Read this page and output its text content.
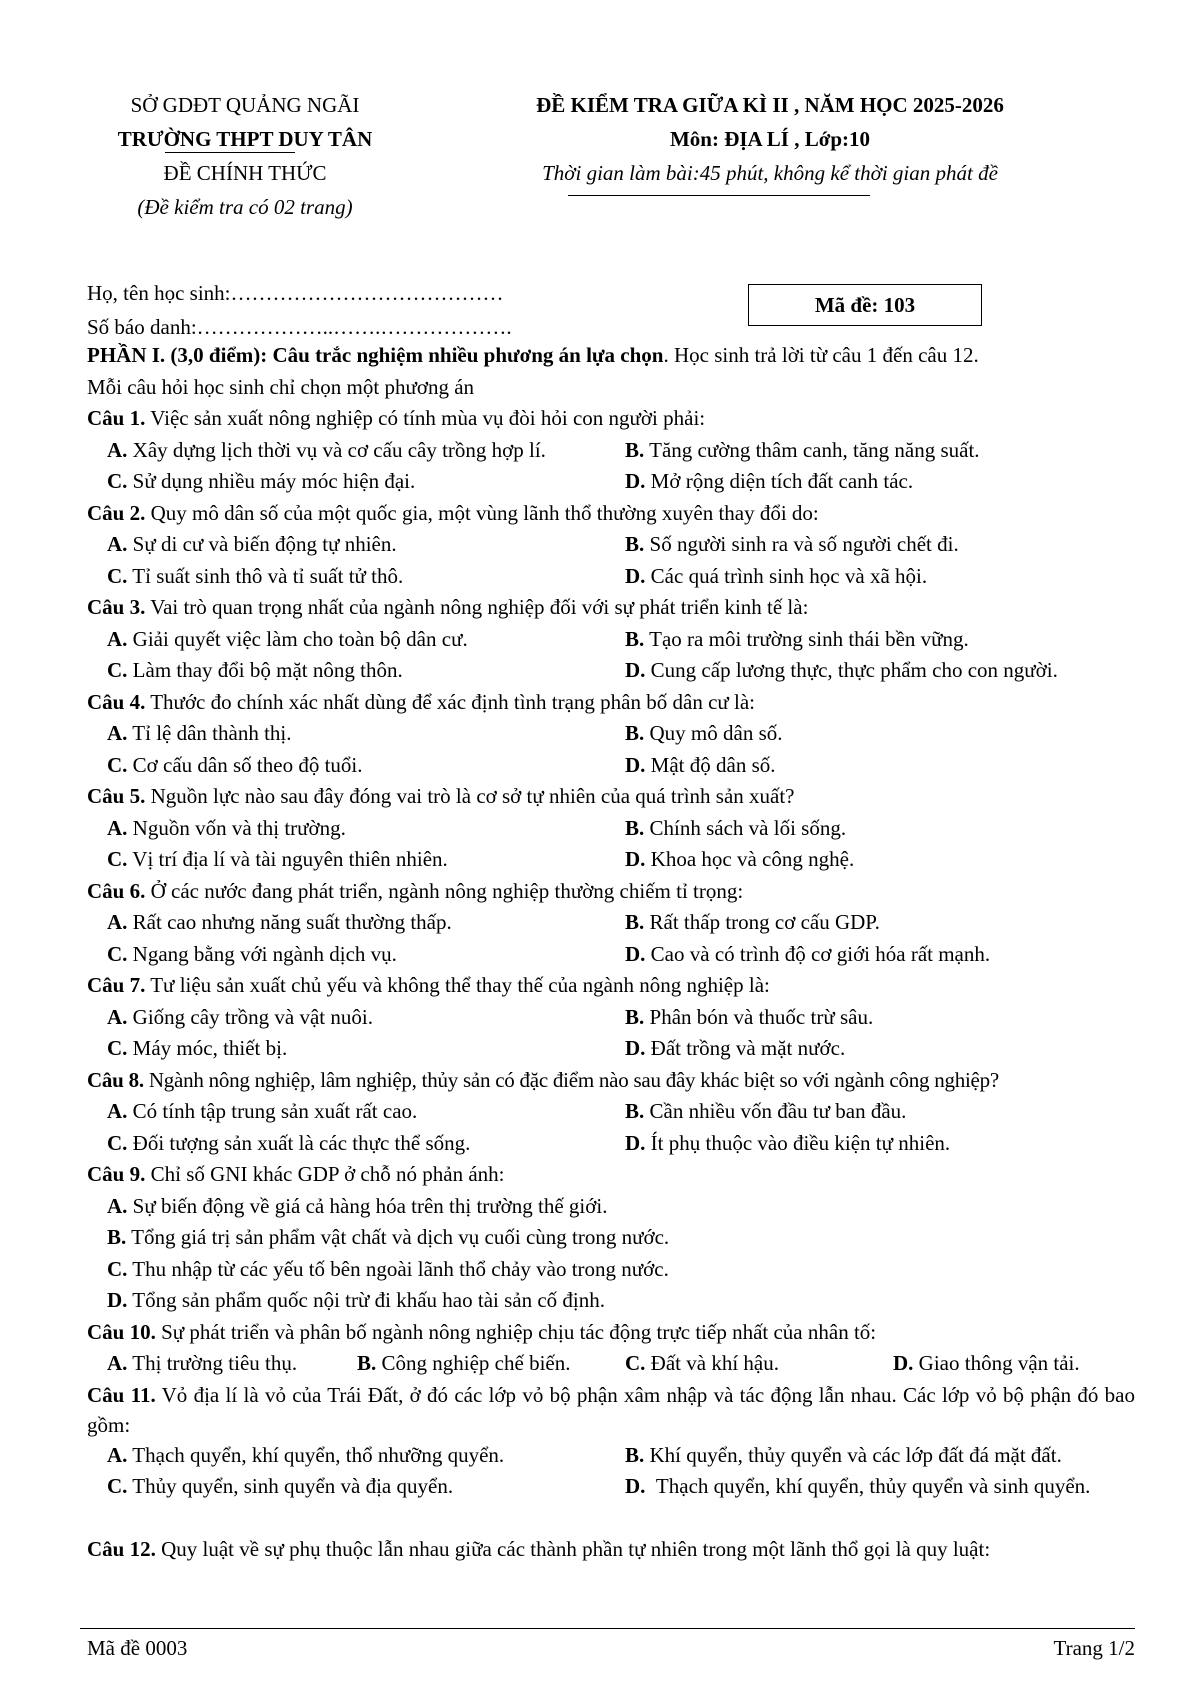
SỞ GDĐT QUẢNG NGÃI
TRƯỜNG THPT DUY TÂN
ĐỀ CHÍNH THỨC
(Đề kiểm tra có 02 trang)
ĐỀ KIỂM TRA GIỮA KÌ II , NĂM HỌC 2025-2026
Môn: ĐỊA LÍ , Lớp:10
Thời gian làm bài:45 phút, không kể thời gian phát đề
Họ, tên học sinh:…………………………………
Số báo danh:………………..…….……………….
Mã đề: 103
PHẦN I. (3,0 điểm): Câu trắc nghiệm nhiều phương án lựa chọn. Học sinh trả lời từ câu 1 đến câu 12.
Mỗi câu hỏi học sinh chỉ chọn một phương án
Câu 1. Việc sản xuất nông nghiệp có tính mùa vụ đòi hỏi con người phải:
A. Xây dựng lịch thời vụ và cơ cấu cây trồng hợp lí.	B. Tăng cường thâm canh, tăng năng suất.
C. Sử dụng nhiều máy móc hiện đại.	D. Mở rộng diện tích đất canh tác.
Câu 2. Quy mô dân số của một quốc gia, một vùng lãnh thổ thường xuyên thay đổi do:
A. Sự di cư và biến động tự nhiên.	B. Số người sinh ra và số người chết đi.
C. Tỉ suất sinh thô và tỉ suất tử thô.	D. Các quá trình sinh học và xã hội.
Câu 3. Vai trò quan trọng nhất của ngành nông nghiệp đối với sự phát triển kinh tế là:
A. Giải quyết việc làm cho toàn bộ dân cư.	B. Tạo ra môi trường sinh thái bền vững.
C. Làm thay đổi bộ mặt nông thôn.	D. Cung cấp lương thực, thực phẩm cho con người.
Câu 4. Thước đo chính xác nhất dùng để xác định tình trạng phân bố dân cư là:
A. Tỉ lệ dân thành thị.	B. Quy mô dân số.
C. Cơ cấu dân số theo độ tuổi.	D. Mật độ dân số.
Câu 5. Nguồn lực nào sau đây đóng vai trò là cơ sở tự nhiên của quá trình sản xuất?
A. Nguồn vốn và thị trường.	B. Chính sách và lối sống.
C. Vị trí địa lí và tài nguyên thiên nhiên.	D. Khoa học và công nghệ.
Câu 6. Ở các nước đang phát triển, ngành nông nghiệp thường chiếm tỉ trọng:
A. Rất cao nhưng năng suất thường thấp.	B. Rất thấp trong cơ cấu GDP.
C. Ngang bằng với ngành dịch vụ.	D. Cao và có trình độ cơ giới hóa rất mạnh.
Câu 7. Tư liệu sản xuất chủ yếu và không thể thay thế của ngành nông nghiệp là:
A. Giống cây trồng và vật nuôi.	B. Phân bón và thuốc trừ sâu.
C. Máy móc, thiết bị.	D. Đất trồng và mặt nước.
Câu 8. Ngành nông nghiệp, lâm nghiệp, thủy sản có đặc điểm nào sau đây khác biệt so với ngành công nghiệp?
A. Có tính tập trung sản xuất rất cao.	B. Cần nhiều vốn đầu tư ban đầu.
C. Đối tượng sản xuất là các thực thể sống.	D. Ít phụ thuộc vào điều kiện tự nhiên.
Câu 9. Chỉ số GNI khác GDP ở chỗ nó phản ánh:
A. Sự biến động về giá cả hàng hóa trên thị trường thế giới.
B. Tổng giá trị sản phẩm vật chất và dịch vụ cuối cùng trong nước.
C. Thu nhập từ các yếu tố bên ngoài lãnh thổ chảy vào trong nước.
D. Tổng sản phẩm quốc nội trừ đi khấu hao tài sản cố định.
Câu 10. Sự phát triển và phân bố ngành nông nghiệp chịu tác động trực tiếp nhất của nhân tố:
A. Thị trường tiêu thụ.	B. Công nghiệp chế biến.	C. Đất và khí hậu.	D. Giao thông vận tải.
Câu 11. Vỏ địa lí là vỏ của Trái Đất, ở đó các lớp vỏ bộ phận xâm nhập và tác động lẫn nhau. Các lớp vỏ bộ phận đó bao gồm:
A. Thạch quyển, khí quyển, thổ nhưỡng quyển.	B. Khí quyển, thủy quyển và các lớp đất đá mặt đất.
C. Thủy quyển, sinh quyển và địa quyển.	D. Thạch quyển, khí quyển, thủy quyển và sinh quyển.
Câu 12. Quy luật về sự phụ thuộc lẫn nhau giữa các thành phần tự nhiên trong một lãnh thổ gọi là quy luật:
Mã đề 0003	Trang 1/2
